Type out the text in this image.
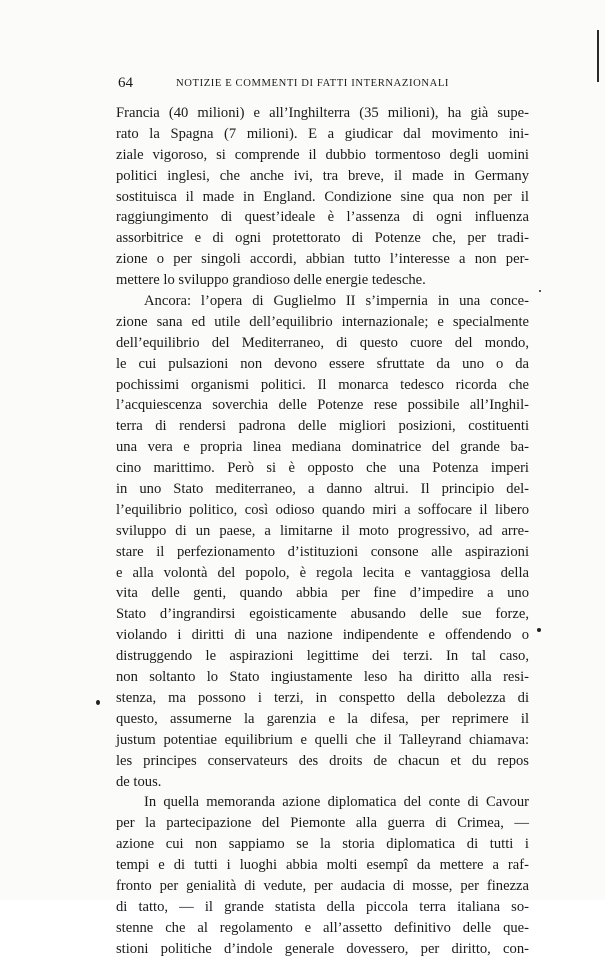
64	NOTIZIE E COMMENTI DI FATTI INTERNAZIONALI
Francia (40 milioni) e all’Inghilterra (35 milioni), ha già supe-
rato la Spagna (7 milioni). E a giudicar dal movimento ini-
ziale vigoroso, si comprende il dubbio tormentoso degli uomini
politici inglesi, che anche ivi, tra breve, il made in Germany
sostituisca il made in England. Condizione sine qua non per il
raggiungimento di quest’ideale è l’assenza di ogni influenza
assorbitrice e di ogni protettorato di Potenze che, per tradi-
zione o per singoli accordi, abbian tutto l’interesse a non per-
mettere lo sviluppo grandioso delle energie tedesche.
Ancora: l’opera di Guglielmo II s’impernia in una conce-
zione sana ed utile dell’equilibrio internazionale; e specialmente
dell’equilibrio del Mediterraneo, di questo cuore del mondo,
le cui pulsazioni non devono essere sfruttate da uno o da
pochissimi organismi politici. Il monarca tedesco ricorda che
l’acquiescenza soverchia delle Potenze rese possibile all’Inghil-
terra di rendersi padrona delle migliori posizioni, costituenti
una vera e propria linea mediana dominatrice del grande ba-
cino marittimo. Però si è opposto che una Potenza imperi
in uno Stato mediterraneo, a danno altrui. Il principio del-
l’equilibrio politico, così odioso quando miri a soffocare il libero
sviluppo di un paese, a limitarne il moto progressivo, ad arre-
stare il perfezionamento d’istituzioni consone alle aspirazioni
e alla volontà del popolo, è regola lecita e vantaggiosa della
vita delle genti, quando abbia per fine d’impedire a uno
Stato d’ingrandirsi egoisticamente abusando delle sue forze,
violando i diritti di una nazione indipendente e offendendo o
distruggendo le aspirazioni legittime dei terzi. In tal caso,
non soltanto lo Stato ingiustamente leso ha diritto alla resi-
stenza, ma possono i terzi, in conspetto della debolezza di
questo, assumerne la garenzia e la difesa, per reprimere il
justum potentiae equilibrium e quelli che il Talleyrand chiamava:
les principes conservateurs des droits de chacun et du repos
de tous.
In quella memoranda azione diplomatica del conte di Cavour
per la partecipazione del Piemonte alla guerra di Crimea, —
azione cui non sappiamo se la storia diplomatica di tutti i
tempi e di tutti i luoghi abbia molti esempî da mettere a raf-
fronto per genialità di vedute, per audacia di mosse, per finezza
di tatto, — il grande statista della piccola terra italiana so-
stenne che al regolamento e all’assetto definitivo delle que-
stioni politiche d’indole generale dovessero, per diritto, con-
